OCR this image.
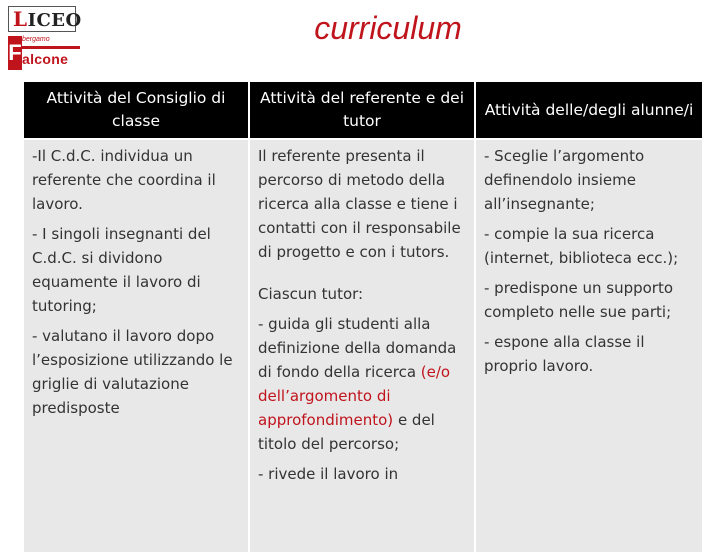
LICEO
F
bergamo
alcone
curriculum
Attività del Consiglio di classe

-Il C.d.C. individua un referente che coordina il lavoro.

- I singoli insegnanti del C.d.C. si dividono equamente il lavoro di tutoring;

- valutano il lavoro dopo l’esposizione utilizzando le griglie di valutazione predisposte

Attività del referente e dei tutor

Il referente presenta il percorso di metodo della ricerca alla classe e tiene i contatti con il responsabile di progetto e con i tutors.

Ciascun tutor:

- guida gli studenti alla definizione della domanda di fondo della ricerca (e/o dell’argomento di approfondimento) e del titolo del percorso;

- rivede il lavoro in

Attività delle/degli alunne/i

- Sceglie l’argomento definendolo insieme all’insegnante;

- compie la sua ricerca (internet, biblioteca ecc.);

- predispone un supporto completo nelle sue parti;

- espone alla classe il proprio lavoro.
